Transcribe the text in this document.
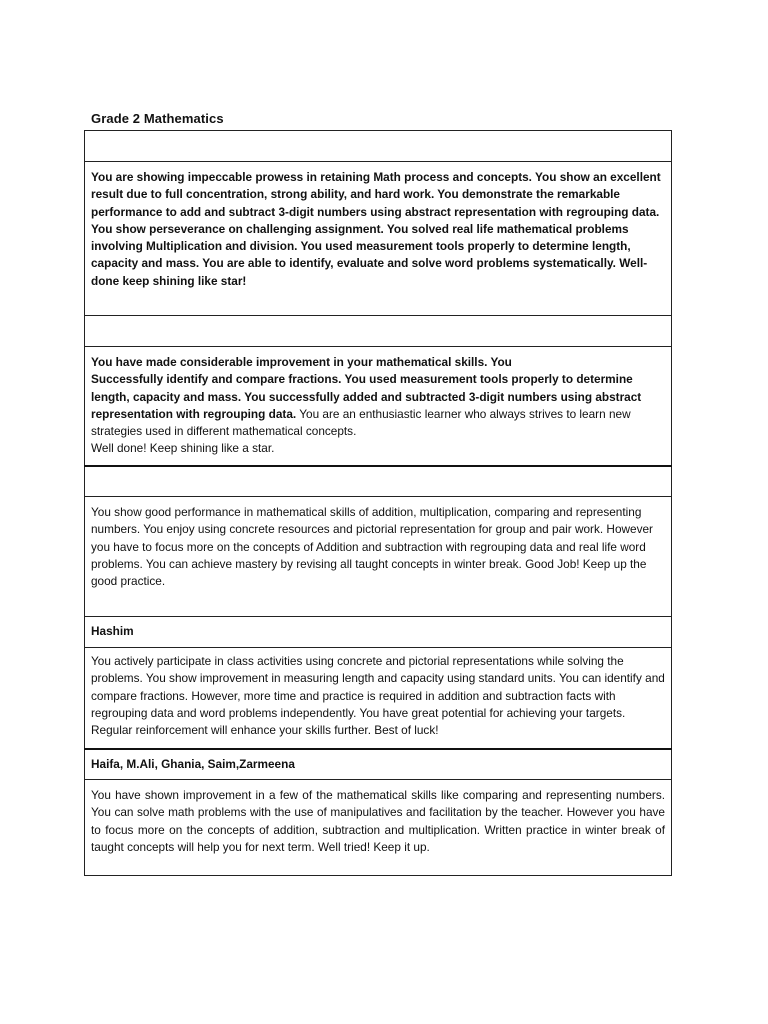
Grade 2 Mathematics

You are showing impeccable prowess in retaining Math process and concepts. You show an excellent result due to full concentration, strong ability, and hard work. You demonstrate the remarkable performance to add and subtract 3-digit numbers using abstract representation with regrouping data. You show perseverance on challenging assignment. You solved real life mathematical problems involving Multiplication and division. You used measurement tools properly to determine length, capacity and mass. You are able to identify, evaluate and solve word problems systematically. Well-done keep shining like star!

You have made considerable improvement in your mathematical skills. You
Successfully identify and compare fractions. You used measurement tools properly to determine length, capacity and mass. You successfully added and subtracted 3-digit numbers using abstract representation with regrouping data. You are an enthusiastic learner who always strives to learn new strategies used in different mathematical concepts.
Well done! Keep shining like a star.

You show good performance in mathematical skills of addition, multiplication, comparing and representing numbers. You enjoy using concrete resources and pictorial representation for group and pair work. However you have to focus more on the concepts of Addition and subtraction with regrouping data and real life word problems. You can achieve mastery by revising all taught concepts in winter break. Good Job! Keep up the good practice.

Hashim

You actively participate in class activities using concrete and pictorial representations while solving the problems. You show improvement in measuring length and capacity using standard units. You can identify and compare fractions. However, more time and practice is required in addition and subtraction facts with regrouping data and word problems independently. You have great potential for achieving your targets. Regular reinforcement will enhance your skills further. Best of luck!

Haifa, M.Ali, Ghania, Saim,Zarmeena

You have shown improvement in a few of the mathematical skills like comparing and representing numbers. You can solve math problems with the use of manipulatives and facilitation by the teacher. However you have to focus more on the concepts of addition, subtraction and multiplication. Written practice in winter break of taught concepts will help you for next term. Well tried! Keep it up.
